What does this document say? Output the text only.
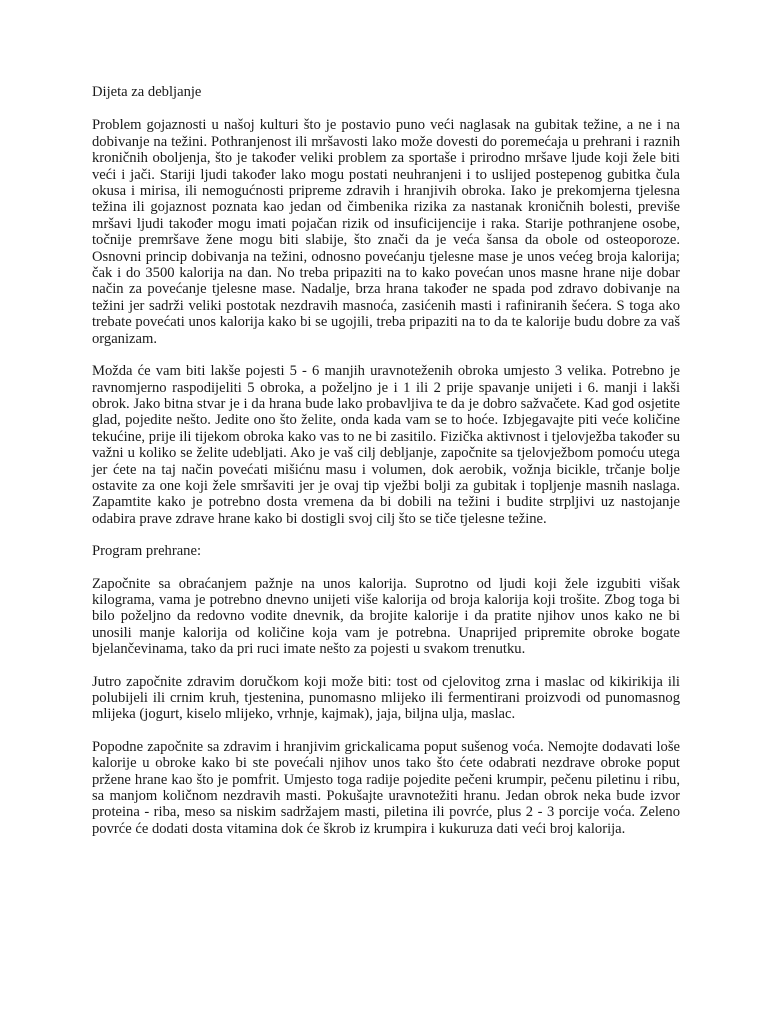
Dijeta za debljanje

Problem gojaznosti u našoj kulturi što je postavio puno veći naglasak na gubitak težine, a ne i na dobivanje na težini. Pothranjenost ili mršavosti lako može dovesti do poremećaja u prehrani i raznih kroničnih oboljenja, što je također veliki problem za sportaše i prirodno mršave ljude koji žele biti veći i jači. Stariji ljudi također lako mogu postati neuhranjeni i to uslijed postepenog gubitka čula okusa i mirisa, ili nemogućnosti pripreme zdravih i hranjivih obroka. Iako je prekomjerna tjelesna težina ili gojaznost poznata kao jedan od čimbenika rizika za nastanak kroničnih bolesti, previše mršavi ljudi također mogu imati pojačan rizik od insuficijencije i raka. Starije pothranjene osobe, točnije premršave žene mogu biti slabije, što znači da je veća šansa da obole od osteoporoze. Osnovni princip dobivanja na težini, odnosno povećanju tjelesne mase je unos većeg broja kalorija; čak i do 3500 kalorija na dan. No treba pripaziti na to kako povećan unos masne hrane nije dobar način za povećanje tjelesne mase. Nadalje, brza hrana također ne spada pod zdravo dobivanje na težini jer sadrži veliki postotak nezdravih masnoća, zasićenih masti i rafiniranih šećera. S toga ako trebate povećati unos kalorija kako bi se ugojili, treba pripaziti na to da te kalorije budu dobre za vaš organizam.

Možda će vam biti lakše pojesti 5 - 6 manjih uravnoteženih obroka umjesto 3 velika. Potrebno je ravnomjerno raspodijeliti 5 obroka, a poželjno je i 1 ili 2 prije spavanje unijeti i 6. manji i lakši obrok. Jako bitna stvar je i da hrana bude lako probavljiva te da je dobro sažvačete. Kad god osjetite glad, pojedite nešto. Jedite ono što želite, onda kada vam se to hoće. Izbjegavajte piti veće količine tekućine, prije ili tijekom obroka kako vas to ne bi zasitilo. Fizička aktivnost i tjelovježba također su važni u koliko se želite udebljati. Ako je vaš cilj debljanje, započnite sa tjelovježbom pomoću utega jer ćete na taj način povećati mišićnu masu i volumen, dok aerobik, vožnja bicikle, trčanje bolje ostavite za one koji žele smršaviti jer je ovaj tip vježbi bolji za gubitak i topljenje masnih naslaga. Zapamtite kako je potrebno dosta vremena da bi dobili na težini i budite strpljivi uz nastojanje odabira prave zdrave hrane kako bi dostigli svoj cilj što se tiče tjelesne težine.

Program prehrane:

Započnite sa obraćanjem pažnje na unos kalorija. Suprotno od ljudi koji žele izgubiti višak kilograma, vama je potrebno dnevno unijeti više kalorija od broja kalorija koji trošite. Zbog toga bi bilo poželjno da redovno vodite dnevnik, da brojite kalorije i da pratite njihov unos kako ne bi unosili manje kalorija od količine koja vam je potrebna. Unaprijed pripremite obroke bogate bjelančevinama, tako da pri ruci imate nešto za pojesti u svakom trenutku.

Jutro započnite zdravim doručkom koji može biti: tost od cjelovitog zrna i maslac od kikirikija ili polubijeli ili crnim kruh, tjestenina, punomasno mlijeko ili fermentirani proizvodi od punomasnog mlijeka (jogurt, kiselo mlijeko, vrhnje, kajmak), jaja, biljna ulja, maslac.

Popodne započnite sa zdravim i hranjivim grickalicama poput sušenog voća. Nemojte dodavati loše kalorije u obroke kako bi ste povećali njihov unos tako što ćete odabrati nezdrave obroke poput pržene hrane kao što je pomfrit. Umjesto toga radije pojedite pečeni krumpir, pečenu piletinu i ribu, sa manjom količnom nezdravih masti. Pokušajte uravnotežiti hranu. Jedan obrok neka bude izvor proteina - riba, meso sa niskim sadržajem masti, piletina ili povrće, plus 2 - 3 porcije voća. Zeleno povrće će dodati dosta vitamina dok će škrob iz krumpira i kukuruza dati veći broj kalorija.
